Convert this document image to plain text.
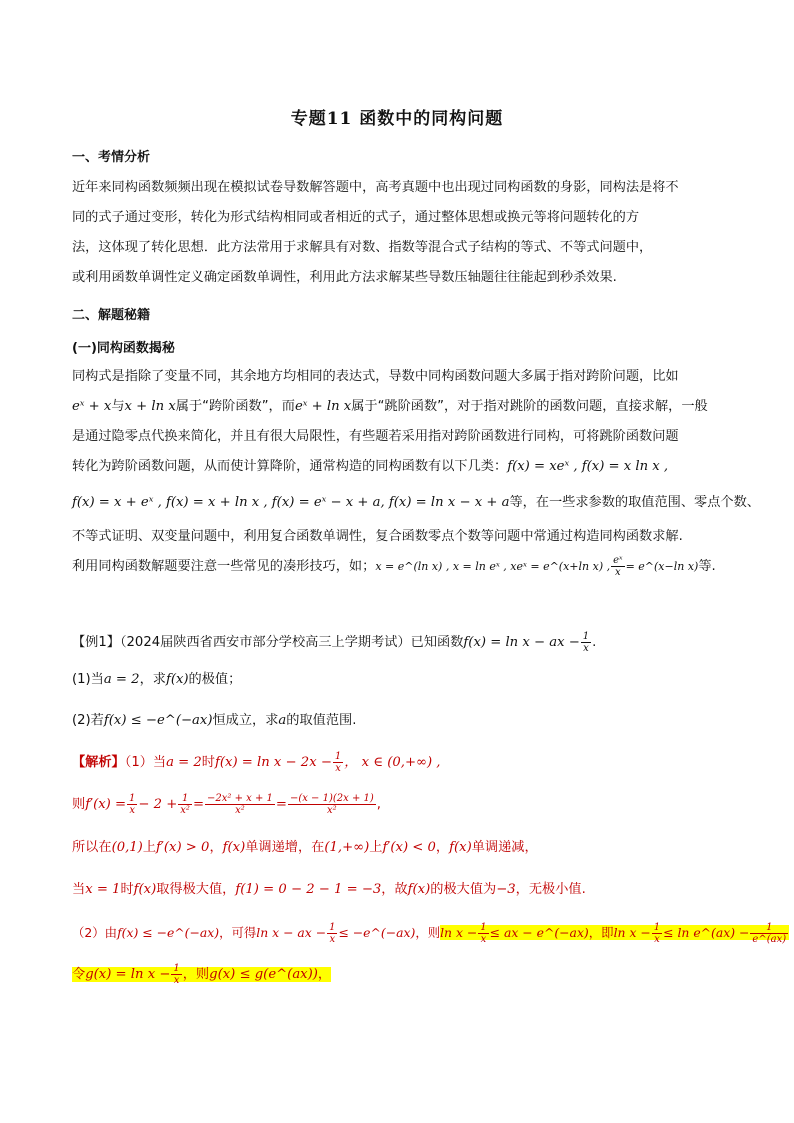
专题11 函数中的同构问题
一、考情分析
近年来同构函数频频出现在模拟试卷导数解答题中，高考真题中也出现过同构函数的身影，同构法是将不
同的式子通过变形，转化为形式结构相同或者相近的式子，通过整体思想或换元等将问题转化的方
法，这体现了转化思想．此方法常用于求解具有对数、指数等混合式子结构的等式、不等式问题中，
或利用函数单调性定义确定函数单调性，利用此方法求解某些导数压轴题往往能起到秒杀效果.
二、解题秘籍
(一)同构函数揭秘
同构式是指除了变量不同，其余地方均相同的表达式，导数中同构函数问题大多属于指对跨阶问题，比如
eˣ + x与x + ln x属于“跨阶函数”，而eˣ + ln x属于“跳阶函数”，对于指对跳阶的函数问题，直接求解，一般
是通过隐零点代换来简化，并且有很大局限性，有些题若采用指对跨阶函数进行同构，可将跳阶函数问题
转化为跨阶函数问题，从而使计算降阶，通常构造的同构函数有以下几类：f(x) = xeˣ , f(x) = x ln x ,
f(x) = x + eˣ , f(x) = x + ln x , f(x) = eˣ − x + a, f(x) = ln x − x + a等，在一些求参数的取值范围、零点个数、
不等式证明、双变量问题中，利用复合函数单调性，复合函数零点个数等问题中常通过构造同构函数求解.
利用同构函数解题要注意一些常见的凑形技巧，如；x = e^(ln x) , x = ln eˣ , xeˣ = e^(x+ln x) , $\frac{\text{eˣ}}{x}$ = e^(x−ln x)等.
【例1】（2024届陕西省西安市部分学校高三上学期考试）已知函数f(x) = ln x − ax − $\frac{1}{x}$ .
(1)当a = 2，求f(x)的极值；
(2)若f(x) ≤ −e^(−ax)恒成立，求a的取值范围.
【解析】（1）当a = 2时$f(x) = \ln x - 2x - \frac{1}{x}$ ， x ∈ (0,+∞) ,
则$f'(x) = \frac{1}{x} - 2 + \frac{1}{\text{x²}} = \frac{\text{−2x² + x + 1}}{\text{x²}} = \frac{-(x - 1)(2x + 1)}{\text{x²}}$ ,
所以在(0,1)上f′(x) > 0，f(x)单调递增，在(1,+∞)上f′(x) < 0，f(x)单调递减，
当x = 1时f(x)取得极大值，f(1) = 0 − 2 − 1 = −3，故f(x)的极大值为−3，无极小值.
（2）由f(x) ≤ −e^(−ax)，可得ln x − ax − $\frac{1}{x}$ ≤ −e^(−ax)，则$\ln x - \frac{1}{x}$ ≤ ax − e^(−ax)，即$\ln x - \frac{1}{x} \le \ln$ e^(ax) − $\frac{1}{e\^{}(ax)}$
令$g(x) = \ln x - \frac{1}{x}$ ，则g(x) ≤ g(e^(ax))，
